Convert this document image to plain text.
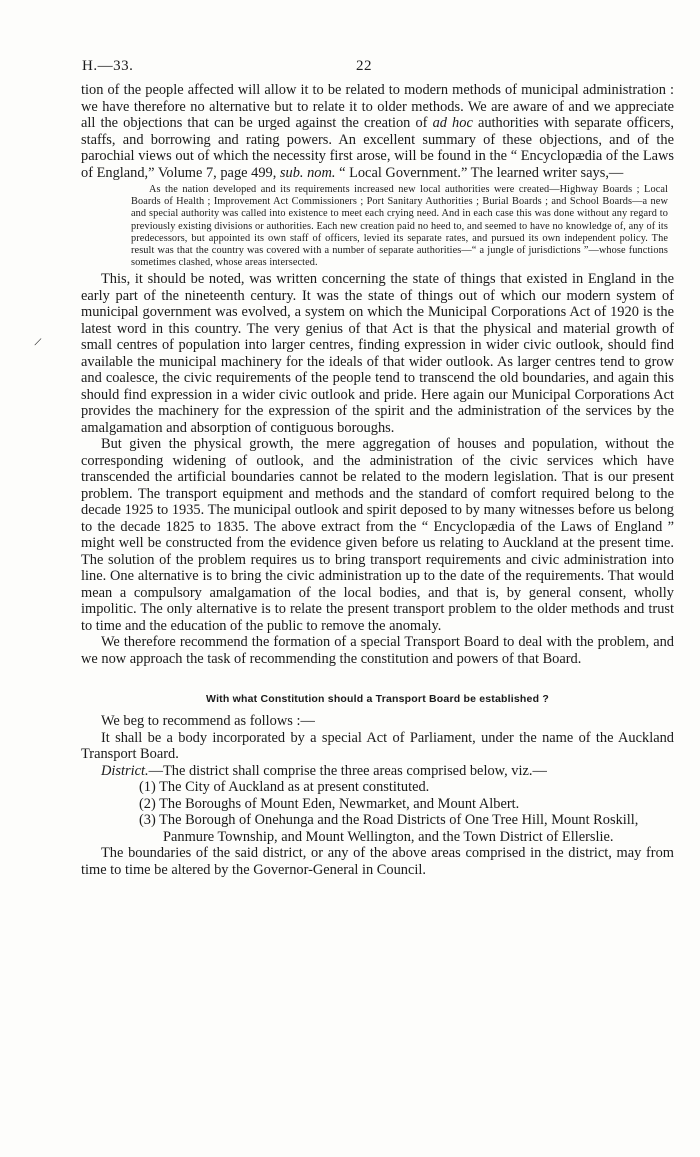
H.—33.	22
/

tion of the people affected will allow it to be related to modern methods of municipal administration : we have therefore no alternative but to relate it to older methods. We are aware of and we appreciate all the objections that can be urged against the creation of ad hoc authorities with separate officers, staffs, and borrowing and rating powers. An excellent summary of these objections, and of the parochial views out of which the necessity first arose, will be found in the “ Encyclopædia of the Laws of England,” Volume 7, page 499, sub. nom. “ Local Government.” The learned writer says,—

As the nation developed and its requirements increased new local authorities were created—Highway Boards ; Local Boards of Health ; Improvement Act Commissioners ; Port Sanitary Authorities ; Burial Boards ; and School Boards—a new and special authority was called into existence to meet each crying need. And in each case this was done without any regard to previously existing divisions or authorities. Each new creation paid no heed to, and seemed to have no knowledge of, any of its predecessors, but appointed its own staff of officers, levied its separate rates, and pursued its own independent policy. The result was that the country was covered with a number of separate authorities—“ a jungle of jurisdictions ”—whose functions sometimes clashed, whose areas intersected.

This, it should be noted, was written concerning the state of things that existed in England in the early part of the nineteenth century. It was the state of things out of which our modern system of municipal government was evolved, a system on which the Municipal Corporations Act of 1920 is the latest word in this country. The very genius of that Act is that the physical and material growth of small centres of population into larger centres, finding expression in wider civic outlook, should find available the municipal machinery for the ideals of that wider outlook. As larger centres tend to grow and coalesce, the civic requirements of the people tend to transcend the old boundaries, and again this should find expression in a wider civic outlook and pride. Here again our Municipal Corporations Act provides the machinery for the expression of the spirit and the administration of the services by the amalgamation and absorption of contiguous boroughs.

But given the physical growth, the mere aggregation of houses and population, without the corresponding widening of outlook, and the administration of the civic services which have transcended the artificial boundaries cannot be related to the modern legislation. That is our present problem. The transport equipment and methods and the standard of comfort required belong to the decade 1925 to 1935. The municipal outlook and spirit deposed to by many witnesses before us belong to the decade 1825 to 1835. The above extract from the “ Encyclopædia of the Laws of England ” might well be constructed from the evidence given before us relating to Auckland at the present time. The solution of the problem requires us to bring transport requirements and civic administration into line. One alternative is to bring the civic administration up to the date of the requirements. That would mean a compulsory amalgamation of the local bodies, and that is, by general consent, wholly impolitic. The only alternative is to relate the present transport problem to the older methods and trust to time and the education of the public to remove the anomaly.

We therefore recommend the formation of a special Transport Board to deal with the problem, and we now approach the task of recommending the constitution and powers of that Board.

With what Constitution should a Transport Board be established ?

We beg to recommend as follows :—

It shall be a body incorporated by a special Act of Parliament, under the name of the Auckland Transport Board.

District.—The district shall comprise the three areas comprised below, viz.—

(1) The City of Auckland as at present constituted.
(2) The Boroughs of Mount Eden, Newmarket, and Mount Albert.
(3) The Borough of Onehunga and the Road Districts of One Tree Hill, Mount Roskill, Panmure Township, and Mount Wellington, and the Town District of Ellerslie.

The boundaries of the said district, or any of the above areas comprised in the district, may from time to time be altered by the Governor-General in Council.
